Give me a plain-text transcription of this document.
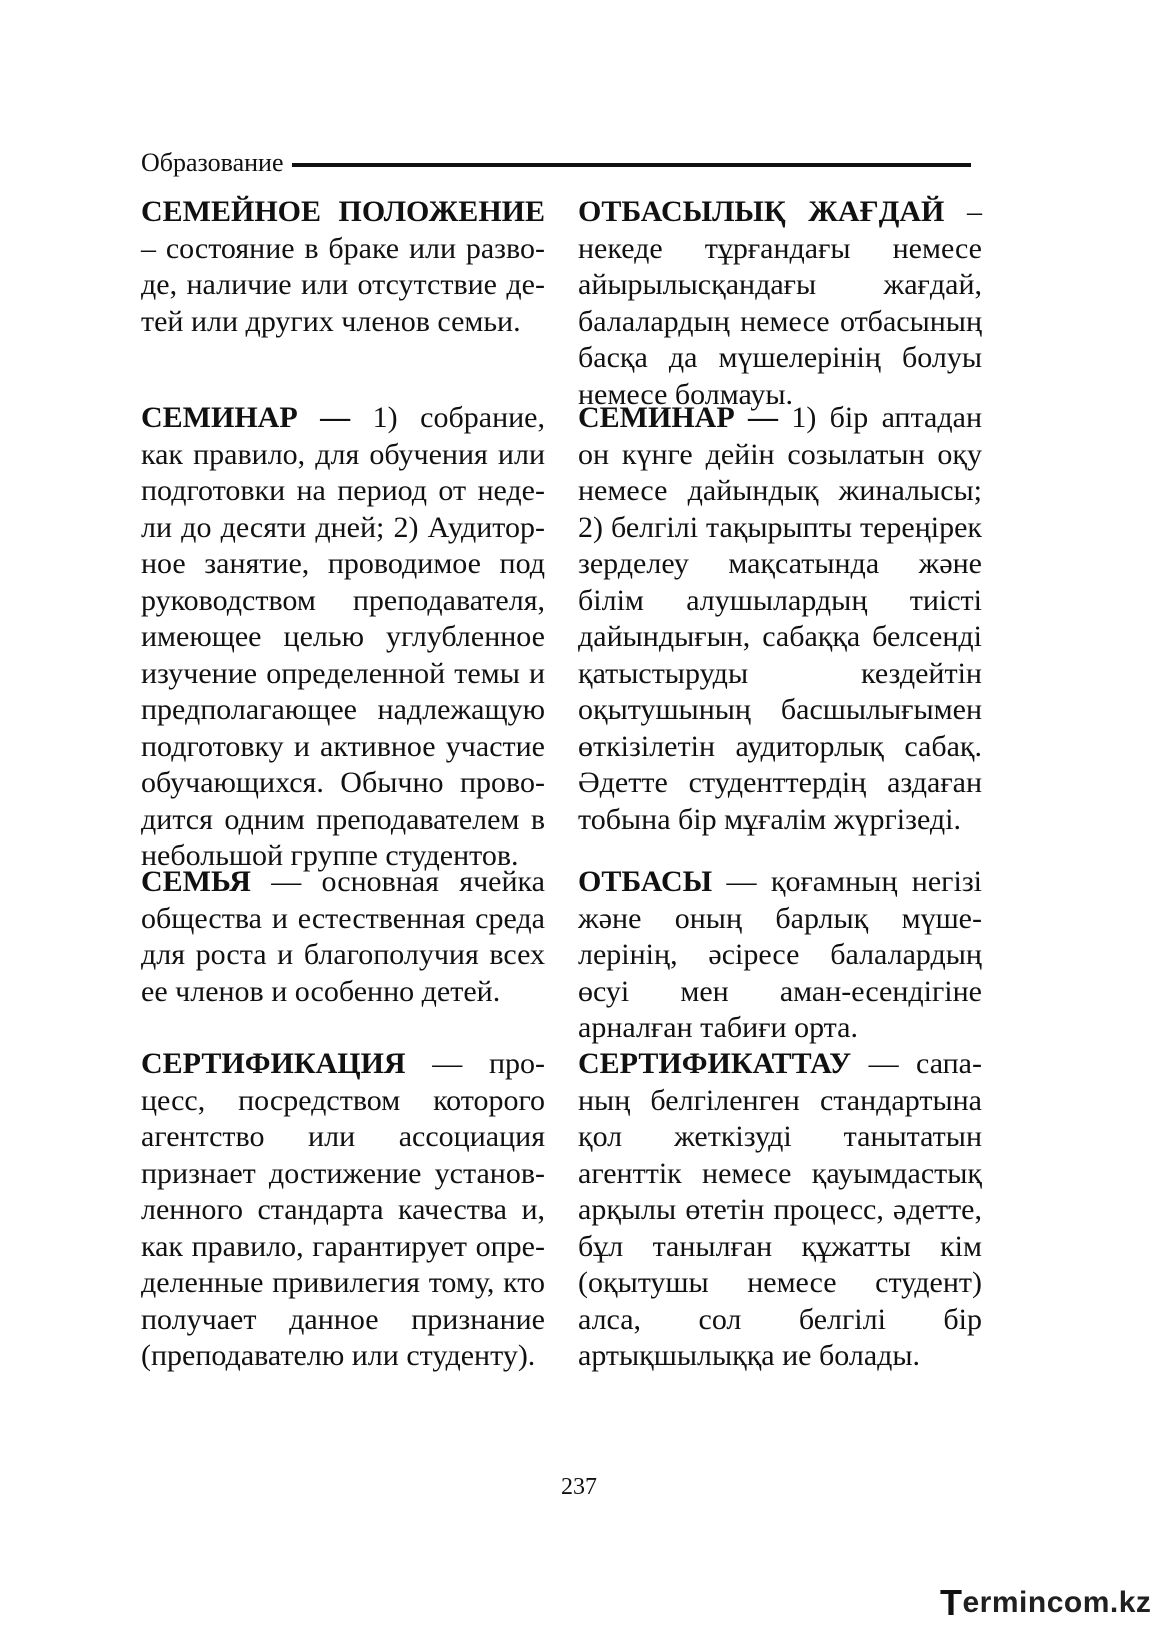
Образование
СЕМЕЙНОЕ ПОЛОЖЕНИЕ – состояние в браке или разводе, наличие или отсутствие детей или других членов семьи.
СЕМИНАР — 1) собрание, как правило, для обучения или подготовки на период от недели до десяти дней; 2) Аудиторное занятие, проводимое под руководством преподавателя, имеющее целью углубленное изучение определенной темы и предполагающее надлежащую подготовку и активное участие обучающихся. Обычно проводится одним преподавателем в небольшой группе студентов.
СЕМЬЯ — основная ячейка общества и естественная среда для роста и благополучия всех ее членов и особенно детей.
СЕРТИФИКАЦИЯ — процесс, посредством которого агентство или ассоциация признает достижение установленного стандарта качества и, как правило, гарантирует определенные привилегия тому, кто получает данное признание (преподавателю или студенту).
ОТБАСЫЛЫҚ ЖАҒДАЙ – некеде тұрғандағы немесе айырылысқандағы жағдай, балалардың немесе отбасының басқа да мүшелерінің болуы немесе болмауы.
СЕМИНАР — 1) бір аптадан он күнге дейін созылатын оқу немесе дайындық жиналысы; 2) белгілі тақырыпты тереңірек зерделеу мақсатында және білім алушылардың тиісті дайындығын, сабаққа белсенді қатыстыруды кездейтін оқытушының басшылығымен өткізілетін аудиторлық сабақ. Әдетте студенттердің аздаған тобына бір мұғалім жүргізеді.
ОТБАСЫ — қоғамның негізі және оның барлық мүшелерінің, әсіресе балалардың өсуі мен аман-есендігіне арналған табиғи орта.
СЕРТИФИКАТТАУ — сапаның белгіленген стандартына қол жеткізуді танытатын агенттік немесе қауымдастық арқылы өтетін процесс, әдетте, бұл танылған құжатты кім (оқытушы немесе студент) алса, сол белгілі бір артықшылыққа ие болады.
237
T ermincom.kz
